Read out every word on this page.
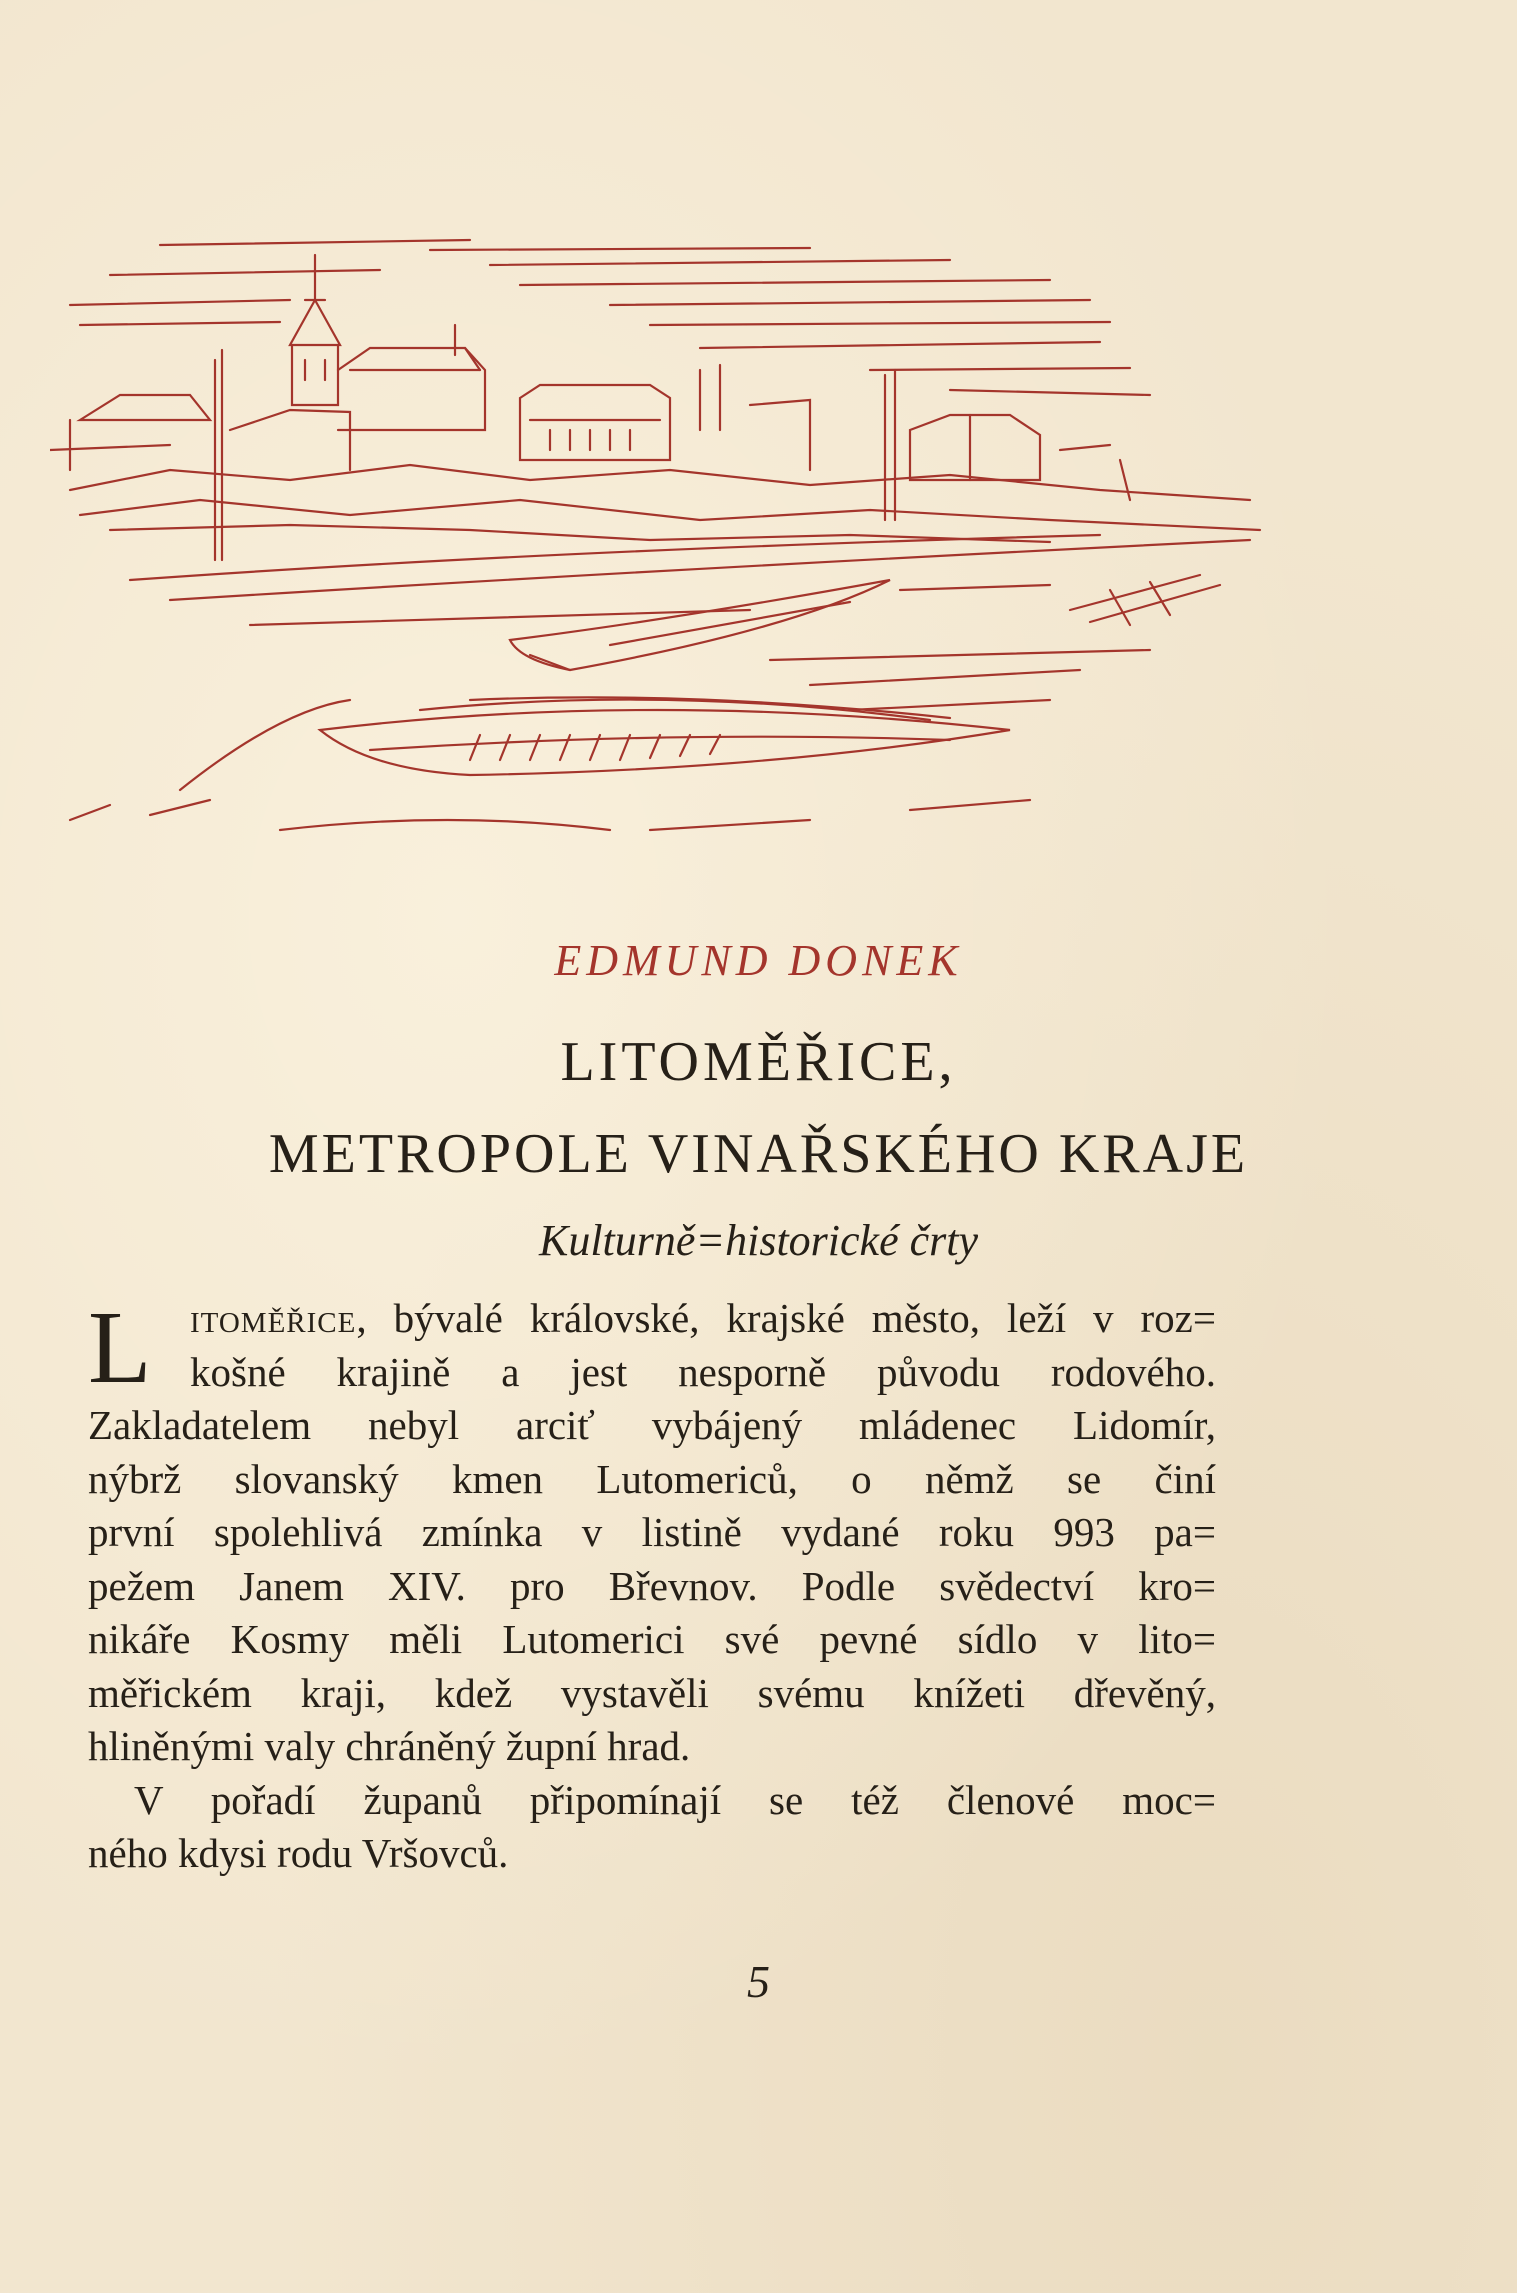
EDMUND DONEK
LITOMĚŘICE,
METROPOLE VINAŘSKÉHO KRAJE
Kulturně=historické črty
L itoměřice, bývalé královské, krajské město, leží v roz=
košné krajině a jest nesporně původu rodového.
Zakladatelem nebyl arciť vybájený mládenec Lidomír,
nýbrž slovanský kmen Lutomericů, o němž se činí
první spolehlivá zmínka v listině vydané roku 993 pa=
pežem Janem XIV. pro Břevnov. Podle svědectví kro=
nikáře Kosmy měli Lutomerici své pevné sídlo v lito=
měřickém kraji, kdež vystavěli svému knížeti dřevěný,
hliněnými valy chráněný župní hrad.
V pořadí županů připomínají se též členové moc=
ného kdysi rodu Vršovců.
5
